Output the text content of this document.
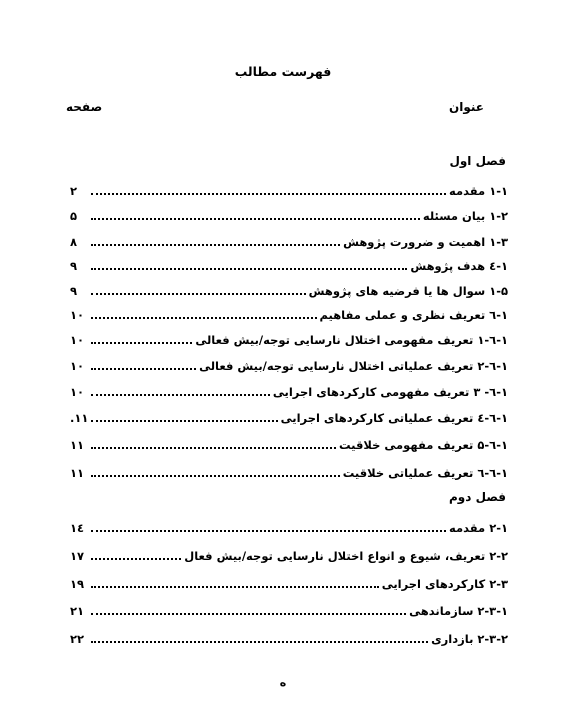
فهرست مطالب
عنوان
صفحه
فصل اول
۱-۱ مقدمه
۲
۱-۲ بیان مسئله
۵
۱-۳ اهمیت و ضرورت پژوهش
۸
۱-٤ هدف پژوهش
۹
۱-۵ سوال ها یا فرضیه های پژوهش
۹
۱-٦ تعریف نظری و عملی مفاهیم
۱۰
۱-٦-۱ تعریف مفهومی اختلال نارسایی توجه/بیش فعالی
۱۰
۱-٦-۲ تعریف عملیاتی اختلال نارسایی توجه/بیش فعالی
۱۰
۱-٦- ۳ تعریف مفهومی کارکردهای اجرایی
۱۰
۱-٦-٤ تعریف عملیاتی کارکردهای اجرایی
۱۱.
۱-٦-۵ تعریف مفهومی خلاقیت
۱۱
۱-٦-٦ تعریف عملیاتی خلاقیت
۱۱
فصل دوم
۲-۱ مقدمه
۱٤
۲-۲ تعریف، شیوع و انواع اختلال نارسایی توجه/بیش فعال
۱۷
۲-۳ کارکردهای اجرایی
۱۹
۲-۳-۱ سازماندهی
۲۱
۲-۳-۲ بازداری
۲۲
ه
